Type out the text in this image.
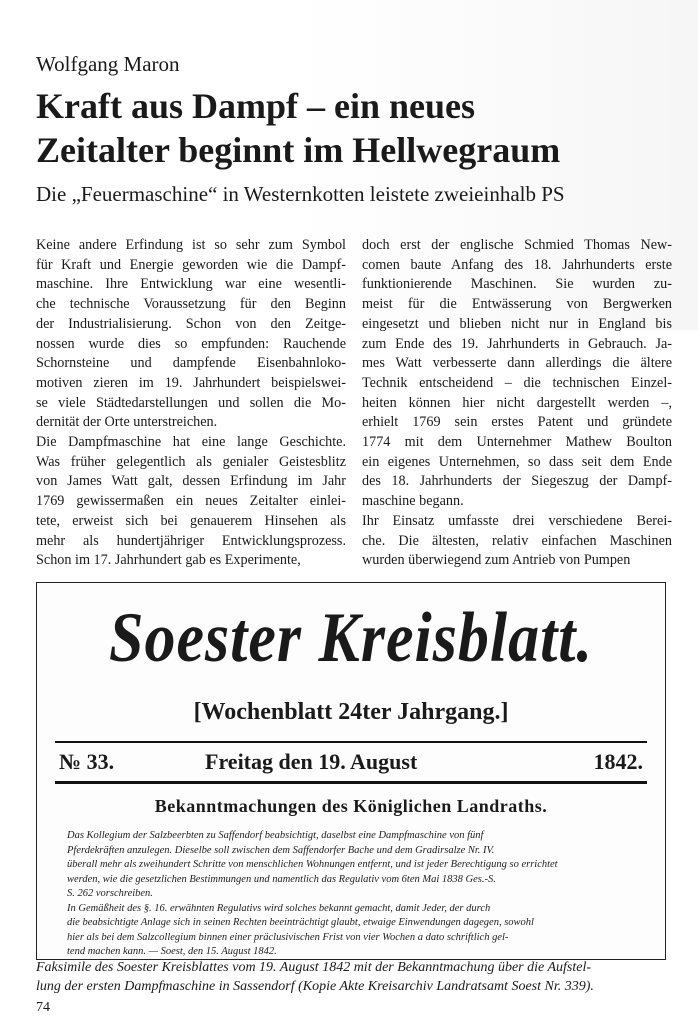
Wolfgang Maron
Kraft aus Dampf – ein neues
Zeitalter beginnt im Hellwegraum
Die „Feuermaschine“ in Westernkotten leistete zweieinhalb PS
Keine andere Erfindung ist so sehr zum Symbol
für Kraft und Energie geworden wie die Dampf-
maschine. Ihre Entwicklung war eine wesentli-
che technische Voraussetzung für den Beginn
der Industrialisierung. Schon von den Zeitge-
nossen wurde dies so empfunden: Rauchende
Schornsteine und dampfende Eisenbahnloko-
motiven zieren im 19. Jahrhundert beispielswei-
se viele Städtedarstellungen und sollen die Mo-
dernität der Orte unterstreichen.
Die Dampfmaschine hat eine lange Geschichte.
Was früher gelegentlich als genialer Geistesblitz
von James Watt galt, dessen Erfindung im Jahr
1769 gewissermaßen ein neues Zeitalter einlei-
tete, erweist sich bei genauerem Hinsehen als
mehr als hundertjähriger Entwicklungsprozess.
Schon im 17. Jahrhundert gab es Experimente,
doch erst der englische Schmied Thomas New-
comen baute Anfang des 18. Jahrhunderts erste
funktionierende Maschinen. Sie wurden zu-
meist für die Entwässerung von Bergwerken
eingesetzt und blieben nicht nur in England bis
zum Ende des 19. Jahrhunderts in Gebrauch. Ja-
mes Watt verbesserte dann allerdings die ältere
Technik entscheidend – die technischen Einzel-
heiten können hier nicht dargestellt werden –,
erhielt 1769 sein erstes Patent und gründete
1774 mit dem Unternehmer Mathew Boulton
ein eigenes Unternehmen, so dass seit dem Ende
des 18. Jahrhunderts der Siegeszug der Dampf-
maschine begann.
Ihr Einsatz umfasste drei verschiedene Berei-
che. Die ältesten, relativ einfachen Maschinen
wurden überwiegend zum Antrieb von Pumpen
Soester Kreisblatt.
[Wochenblatt 24ter Jahrgang.]
№ 33.	Freitag den 19. August	1842.
Bekanntmachungen des Königlichen Landraths.
Das Kollegium der Salzbeerbten zu Saffendorf beabsichtigt, daselbst eine Dampfmaschine von fünf
Pferdekräften anzulegen. Dieselbe soll zwischen dem Saffendorfer Bache und dem Gradirsalze Nr. IV.
überall mehr als zweihundert Schritte von menschlichen Wohnungen entfernt, und ist jeder Berechtigung so errichtet
werden, wie die gesetzlichen Bestimmungen und namentlich das Regulativ vom 6ten Mai 1838 Ges.-S.
S. 262 vorschreiben.
In Gemäßheit des §. 16. erwähnten Regulativs wird solches bekannt gemacht, damit Jeder, der durch
die beabsichtigte Anlage sich in seinen Rechten beeinträchtigt glaubt, etwaige Einwendungen dagegen, sowohl
hier als bei dem Salzcollegium binnen einer präclusivischen Frist von vier Wochen a dato schriftlich gel-
tend machen kann. — Soest, den 15. August 1842.

Faksimile des Soester Kreisblattes vom 19. August 1842 mit der Bekanntmachung über die Aufstel-
lung der ersten Dampfmaschine in Sassendorf (Kopie Akte Kreisarchiv Landratsamt Soest Nr. 339).

74
